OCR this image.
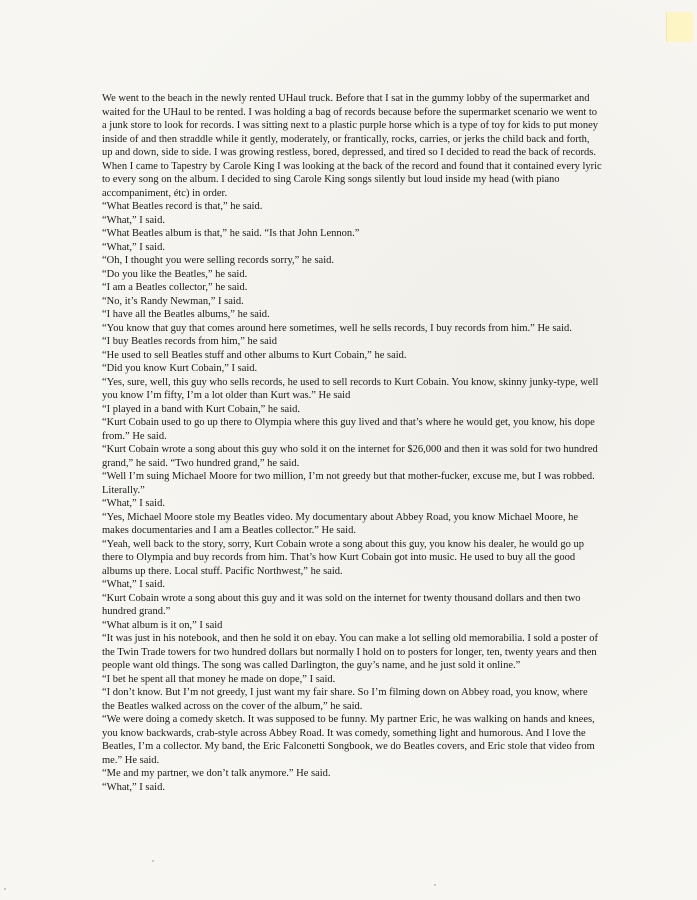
We went to the beach in the newly rented UHaul truck. Before that I sat in the gummy lobby of the supermarket and waited for the UHaul to be rented. I was holding a bag of records because before the supermarket scenario we went to a junk store to look for records. I was sitting next to a plastic purple horse which is a type of toy for kids to put money inside of and then straddle while it gently, moderately, or frantically, rocks, carries, or jerks the child back and forth, up and down, side to side. I was growing restless, bored, depressed, and tired so I decided to read the back of records. When I came to Tapestry by Carole King I was looking at the back of the record and found that it contained every lyric to every song on the album. I decided to sing Carole King songs silently but loud inside my head (with piano accompaniment, étc) in order.

“What Beatles record is that,” he said.

“What,” I said.

“What Beatles album is that,” he said. “Is that John Lennon.”

“What,” I said.

“Oh, I thought you were selling records sorry,” he said.

“Do you like the Beatles,” he said.

“I am a Beatles collector,” he said.

“No, it’s Randy Newman,” I said.

“I have all the Beatles albums,” he said.

“You know that guy that comes around here sometimes, well he sells records, I buy records from him.” He said.

“I buy Beatles records from him,” he said

“He used to sell Beatles stuff and other albums to Kurt Cobain,” he said.

“Did you know Kurt Cobain,” I said.

“Yes, sure, well, this guy who sells records, he used to sell records to Kurt Cobain. You know, skinny junky-type, well you know I’m fifty, I’m a lot older than Kurt was.” He said

“I played in a band with Kurt Cobain,” he said.

“Kurt Cobain used to go up there to Olympia where this guy lived and that’s where he would get, you know, his dope from.” He said.

“Kurt Cobain wrote a song about this guy who sold it on the internet for $26,000 and then it was sold for two hundred grand,” he said. “Two hundred grand,” he said.

“Well I’m suing Michael Moore for two million, I’m not greedy but that mother-fucker, excuse me, but I was robbed. Literally.”

“What,” I said.

“Yes, Michael Moore stole my Beatles video. My documentary about Abbey Road, you know Michael Moore, he makes documentaries and I am a Beatles collector.” He said.

“Yeah, well back to the story, sorry, Kurt Cobain wrote a song about this guy, you know his dealer, he would go up there to Olympia and buy records from him. That’s how Kurt Cobain got into music. He used to buy all the good albums up there. Local stuff. Pacific Northwest,” he said.

“What,” I said.

“Kurt Cobain wrote a song about this guy and it was sold on the internet for twenty thousand dollars and then two hundred grand.”

“What album is it on,” I said

“It was just in his notebook, and then he sold it on ebay. You can make a lot selling old memorabilia. I sold a poster of the Twin Trade towers for two hundred dollars but normally I hold on to posters for longer, ten, twenty years and then people want old things. The song was called Darlington, the guy’s name, and he just sold it online.”

“I bet he spent all that money he made on dope,” I said.

“I don’t know. But I’m not greedy, I just want my fair share. So I’m filming down on Abbey road, you know, where the Beatles walked across on the cover of the album,” he said.

“We were doing a comedy sketch. It was supposed to be funny. My partner Eric, he was walking on hands and knees, you know backwards, crab-style across Abbey Road. It was comedy, something light and humorous. And I love the Beatles, I’m a collector. My band, the Eric Falconetti Songbook, we do Beatles covers, and Eric stole that video from me.” He said.

“Me and my partner, we don’t talk anymore.” He said.

“What,” I said.
